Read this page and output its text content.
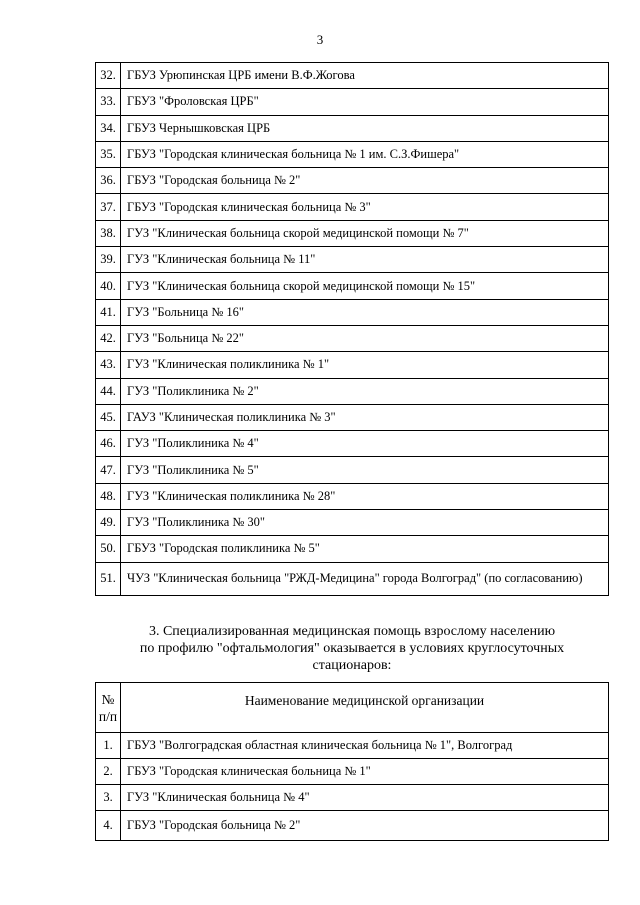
3
32.	ГБУЗ Урюпинская ЦРБ имени В.Ф.Жогова
33.	ГБУЗ "Фроловская ЦРБ"
34.	ГБУЗ Чернышковская ЦРБ
35.	ГБУЗ "Городская клиническая больница № 1 им. С.З.Фишера"
36.	ГБУЗ "Городская больница № 2"
37.	ГБУЗ "Городская клиническая больница № 3"
38.	ГУЗ "Клиническая больница скорой медицинской помощи № 7"
39.	ГУЗ "Клиническая больница № 11"
40.	ГУЗ "Клиническая больница скорой медицинской помощи № 15"
41.	ГУЗ "Больница № 16"
42.	ГУЗ "Больница № 22"
43.	ГУЗ "Клиническая поликлиника № 1"
44.	ГУЗ "Поликлиника № 2"
45.	ГАУЗ "Клиническая поликлиника № 3"
46.	ГУЗ "Поликлиника № 4"
47.	ГУЗ "Поликлиника № 5"
48.	ГУЗ "Клиническая поликлиника № 28"
49.	ГУЗ "Поликлиника № 30"
50.	ГБУЗ "Городская поликлиника № 5"
51.	ЧУЗ "Клиническая больница "РЖД-Медицина" города Волгоград" (по согласованию)
3. Специализированная медицинская помощь взрослому населению
по профилю "офтальмология" оказывается в условиях круглосуточных
стационаров:
№
п/п	Наименование медицинской организации
1.	ГБУЗ "Волгоградская областная клиническая больница № 1", Волгоград
2.	ГБУЗ "Городская клиническая больница № 1"
3.	ГУЗ "Клиническая больница № 4"
4.	ГБУЗ "Городская больница № 2"
